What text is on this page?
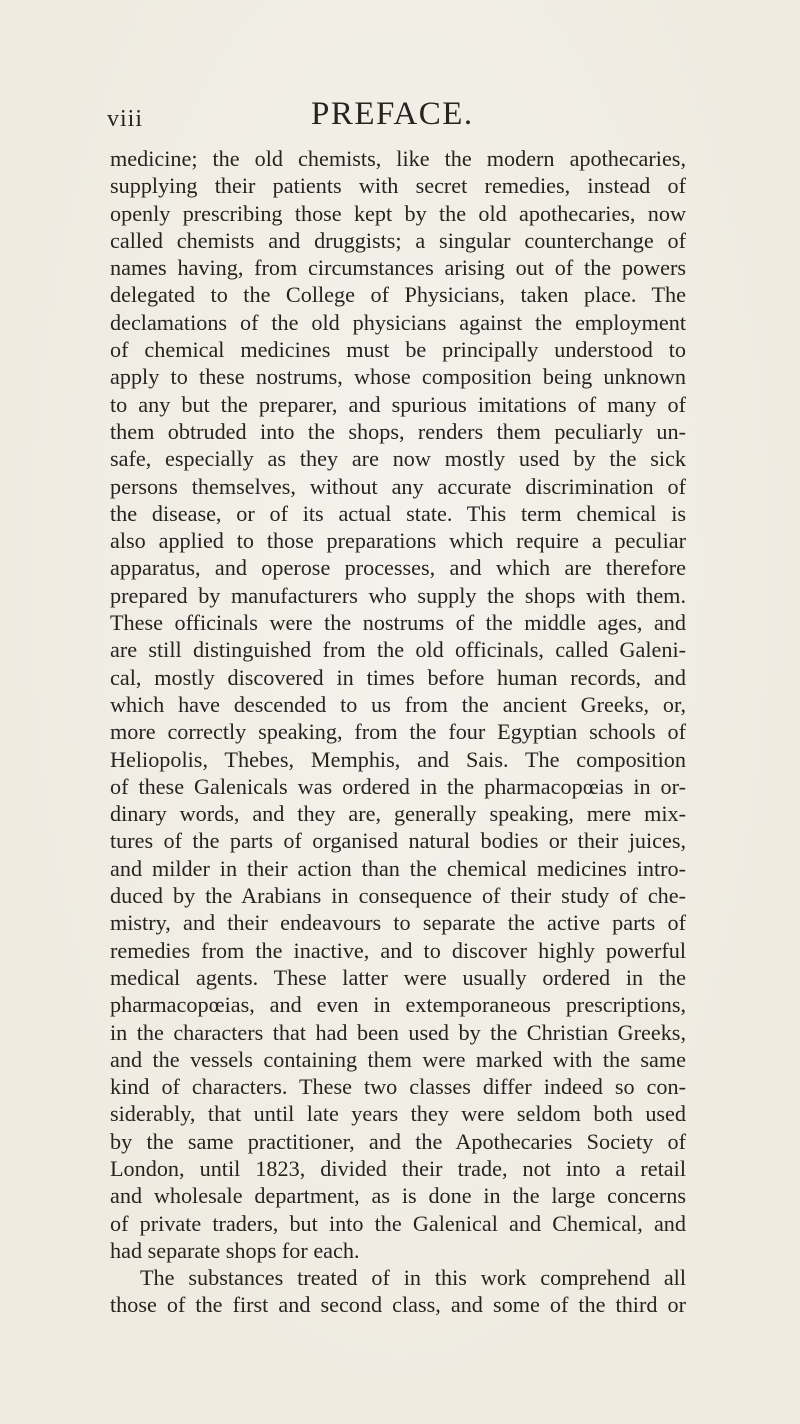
viii	PREFACE.
medicine; the old chemists, like the modern apothecaries,
supplying their patients with secret remedies, instead of
openly prescribing those kept by the old apothecaries, now
called chemists and druggists; a singular counterchange of
names having, from circumstances arising out of the powers
delegated to the College of Physicians, taken place. The
declamations of the old physicians against the employment
of chemical medicines must be principally understood to
apply to these nostrums, whose composition being unknown
to any but the preparer, and spurious imitations of many of
them obtruded into the shops, renders them peculiarly un-
safe, especially as they are now mostly used by the sick
persons themselves, without any accurate discrimination of
the disease, or of its actual state. This term chemical is
also applied to those preparations which require a peculiar
apparatus, and operose processes, and which are therefore
prepared by manufacturers who supply the shops with them.
These officinals were the nostrums of the middle ages, and
are still distinguished from the old officinals, called Galeni-
cal, mostly discovered in times before human records, and
which have descended to us from the ancient Greeks, or,
more correctly speaking, from the four Egyptian schools of
Heliopolis, Thebes, Memphis, and Sais. The composition
of these Galenicals was ordered in the pharmacopœias in or-
dinary words, and they are, generally speaking, mere mix-
tures of the parts of organised natural bodies or their juices,
and milder in their action than the chemical medicines intro-
duced by the Arabians in consequence of their study of che-
mistry, and their endeavours to separate the active parts of
remedies from the inactive, and to discover highly powerful
medical agents. These latter were usually ordered in the
pharmacopœias, and even in extemporaneous prescriptions,
in the characters that had been used by the Christian Greeks,
and the vessels containing them were marked with the same
kind of characters. These two classes differ indeed so con-
siderably, that until late years they were seldom both used
by the same practitioner, and the Apothecaries Society of
London, until 1823, divided their trade, not into a retail
and wholesale department, as is done in the large concerns
of private traders, but into the Galenical and Chemical, and
had separate shops for each.
The substances treated of in this work comprehend all
those of the first and second class, and some of the third or
